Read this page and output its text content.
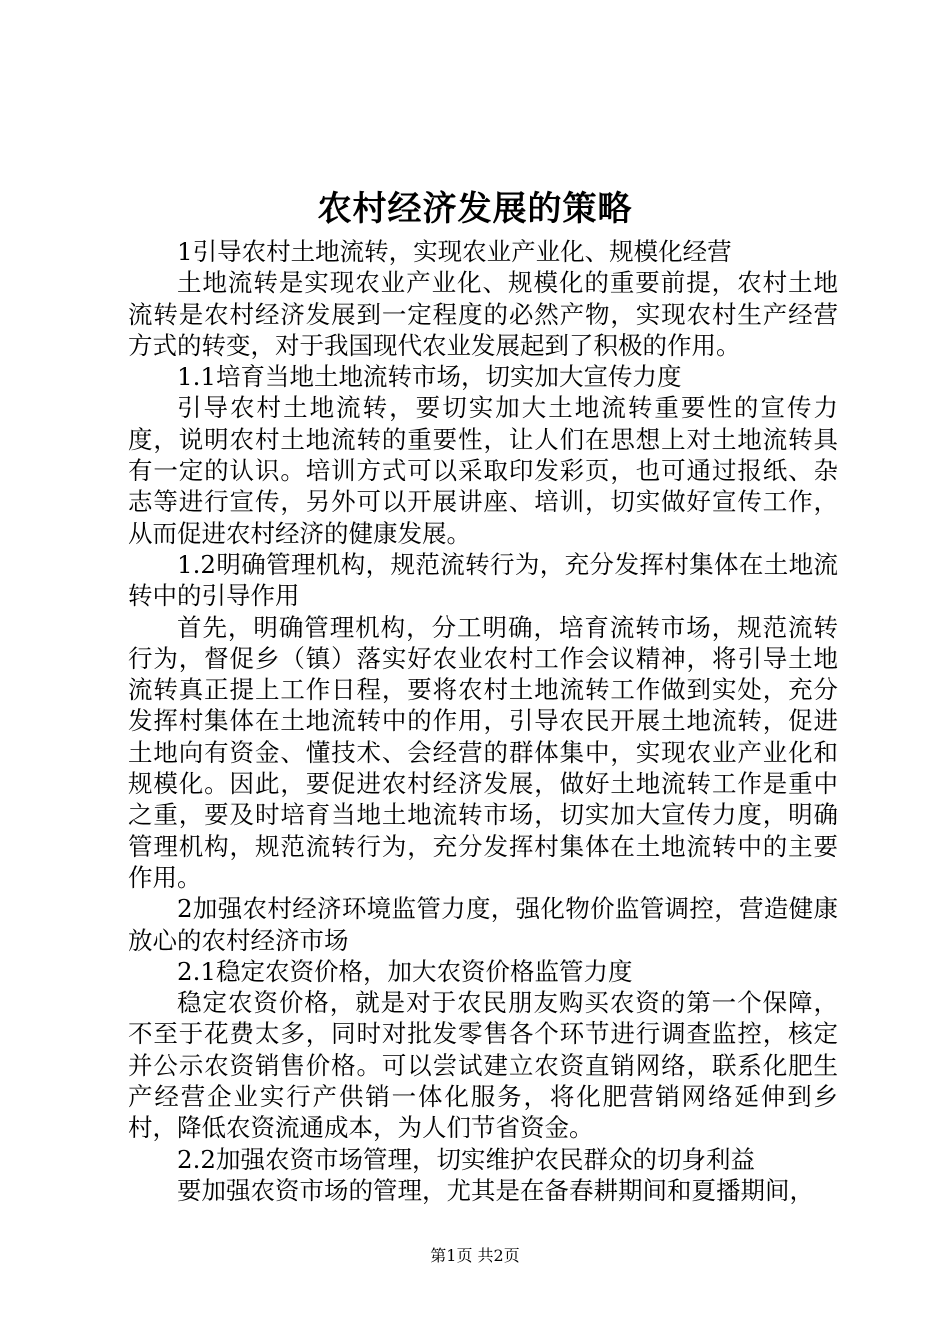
农村经济发展的策略

1引导农村土地流转，实现农业产业化、规模化经营

土地流转是实现农业产业化、规模化的重要前提，农村土地流转是农村经济发展到一定程度的必然产物，实现农村生产经营方式的转变，对于我国现代农业发展起到了积极的作用。

1.1培育当地土地流转市场，切实加大宣传力度

引导农村土地流转，要切实加大土地流转重要性的宣传力度，说明农村土地流转的重要性，让人们在思想上对土地流转具有一定的认识。培训方式可以采取印发彩页，也可通过报纸、杂志等进行宣传，另外可以开展讲座、培训，切实做好宣传工作，从而促进农村经济的健康发展。

1.2明确管理机构，规范流转行为，充分发挥村集体在土地流转中的引导作用

首先，明确管理机构，分工明确，培育流转市场，规范流转行为，督促乡（镇）落实好农业农村工作会议精神，将引导土地流转真正提上工作日程，要将农村土地流转工作做到实处，充分发挥村集体在土地流转中的作用，引导农民开展土地流转，促进土地向有资金、懂技术、会经营的群体集中，实现农业产业化和规模化。因此，要促进农村经济发展，做好土地流转工作是重中之重，要及时培育当地土地流转市场，切实加大宣传力度，明确管理机构，规范流转行为，充分发挥村集体在土地流转中的主要作用。

2加强农村经济环境监管力度，强化物价监管调控，营造健康放心的农村经济市场

2.1稳定农资价格，加大农资价格监管力度

稳定农资价格，就是对于农民朋友购买农资的第一个保障，不至于花费太多，同时对批发零售各个环节进行调查监控，核定并公示农资销售价格。可以尝试建立农资直销网络，联系化肥生产经营企业实行产供销一体化服务，将化肥营销网络延伸到乡村，降低农资流通成本，为人们节省资金。

2.2加强农资市场管理，切实维护农民群众的切身利益

要加强农资市场的管理，尤其是在备春耕期间和夏播期间，

第1页 共2页
